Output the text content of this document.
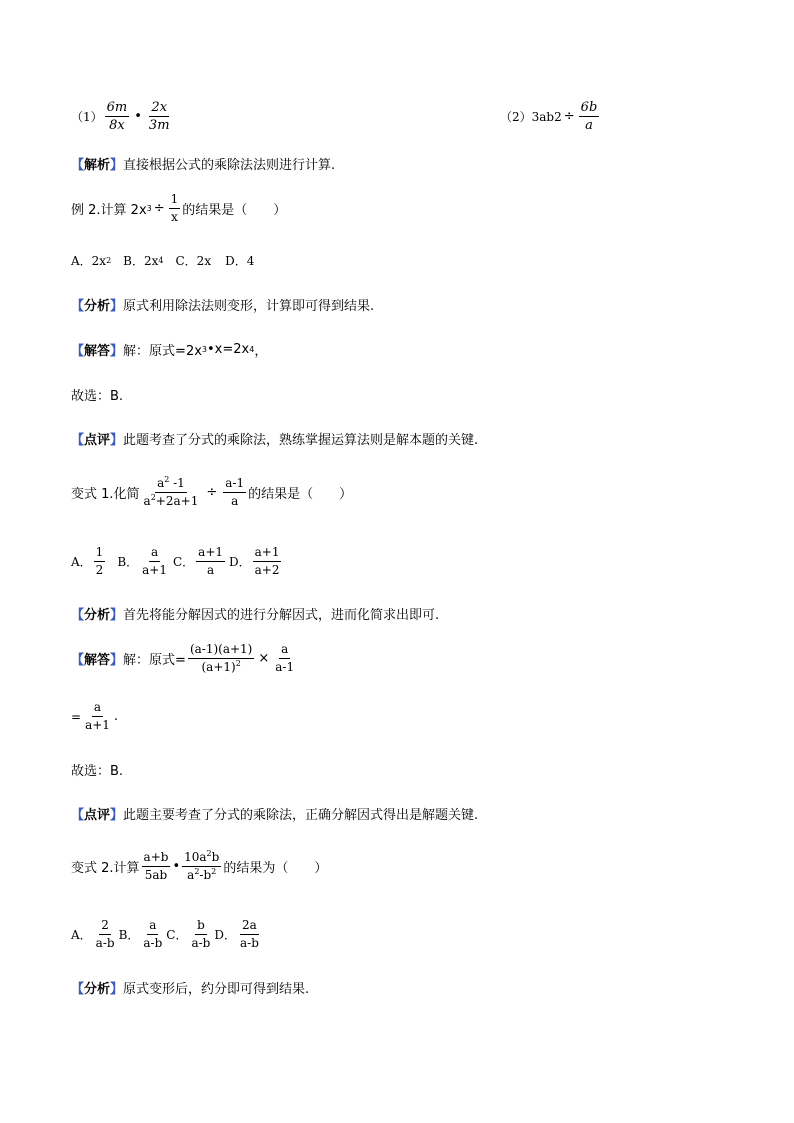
$(1) \frac{6m}{8x}$ • $\frac{2x}{3m}$	（2） 3ab $2 \div \frac{6b}{a}$
【 解析 】 直接根据公式的乘除法法则进行计算.
例 2.计算 2x $3 \div \frac{1}{x}$ 的结果是（　　）
A．2x 2 B．2x 4 C．2x D．4
【 分析 】 原式利用除法法则变形，计算即可得到结果.
【 解答 】 解：原式=2x 3 •x=2x 4 ，
故选：B.
【 点评 】 此题考查了分式的乘除法，熟练掌握运算法则是解本题的关键.
变式 1.化简 $\frac{a^2 -1}{a^2+2a+1} \div \frac{a-1}{a}$ 的结果是（　　）
A． $\frac{1}{2}$ B． $\frac{a}{a+1}$ C． $\frac{a+1}{a}$ D． $\frac{a+1}{a+2}$
【 分析 】 首先将能分解因式的进行分解因式，进而化简求出即可.
【 解答 】 解：原式= $\frac{(a-1)(a+1)}{(a+1)^2} \times \frac{a}{a-1}$
= $\frac{a}{a+1}$ .
故选：B.
【 点评 】 此题主要考查了分式的乘除法，正确分解因式得出是解题关键.
变式 2.计算 $\frac{a+b}{5ab}$ • $\frac{10a^2b}{a^2-b^2}$ 的结果为（　　）
A． $\frac{2}{a-b}$ B． $\frac{a}{a-b}$ C． $\frac{b}{a-b}$ D． $\frac{2a}{a-b}$
【 分析 】 原式变形后，约分即可得到结果.
